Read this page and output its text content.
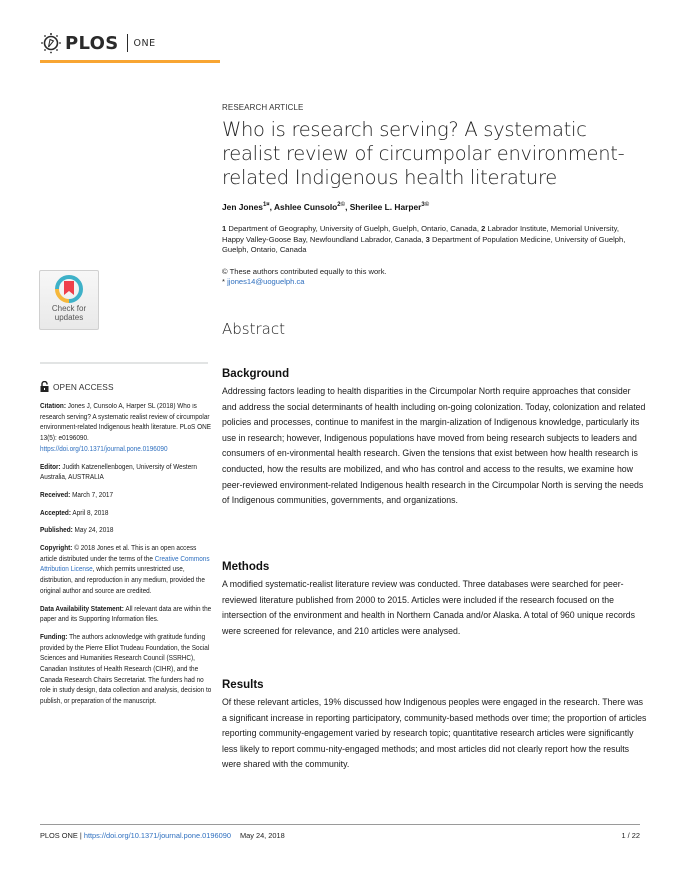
PLOS ONE
RESEARCH ARTICLE
Who is research serving? A systematic realist review of circumpolar environment-related Indigenous health literature
Jen Jones$^{1¤}$, Ashlee Cunsolo$^{2©}$, Sherilee L. Harper$^{3©}$
1 Department of Geography, University of Guelph, Guelph, Ontario, Canada, 2 Labrador Institute, Memorial University, Happy Valley-Goose Bay, Newfoundland Labrador, Canada, 3 Department of Population Medicine, University of Guelph, Guelph, Ontario, Canada
© These authors contributed equally to this work.
* jjones14@uoguelph.ca
Abstract
Background

Addressing factors leading to health disparities in the Circumpolar North require approaches that consider and address the social determinants of health including on-going colonization. Today, colonization and related policies and processes, continue to manifest in the margin-alization of Indigenous knowledge, particularly its use in research; however, Indigenous populations have moved from being research subjects to leaders and consumers of en-vironmental health research. Given the tensions that exist between how health research is conducted, how the results are mobilized, and who has control and access to the results, we examine how peer-reviewed environment-related Indigenous health research in the Circumpolar North is serving the needs of Indigenous communities, governments, and organizations.

Methods

A modified systematic-realist literature review was conducted. Three databases were searched for peer-reviewed literature published from 2000 to 2015. Articles were included if the research focused on the intersection of the environment and health in Northern Canada and/or Alaska. A total of 960 unique records were screened for relevance, and 210 articles were analysed.

Results

Of these relevant articles, 19% discussed how Indigenous peoples were engaged in the research. There was a significant increase in reporting participatory, community-based methods over time; the proportion of articles reporting community-engagement varied by research topic; quantitative research articles were significantly less likely to report commu-nity-engaged methods; and most articles did not clearly report how the results were shared with the community.

Check for
updates
OPEN ACCESS

Citation: Jones J, Cunsolo A, Harper SL (2018) Who is research serving? A systematic realist review of circumpolar environment-related Indigenous health literature. PLoS ONE 13(5): e0196090. https://doi.org/10.1371/journal.pone.0196090

Editor: Judith Katzenellenbogen, University of Western Australia, AUSTRALIA

Received: March 7, 2017

Accepted: April 8, 2018

Published: May 24, 2018

Copyright: © 2018 Jones et al. This is an open access article distributed under the terms of the Creative Commons Attribution License, which permits unrestricted use, distribution, and reproduction in any medium, provided the original author and source are credited.

Data Availability Statement: All relevant data are within the paper and its Supporting Information files.

Funding: The authors acknowledge with gratitude funding provided by the Pierre Elliot Trudeau Foundation, the Social Sciences and Humanities Research Council (SSRHC), Canadian Institutes of Health Research (CIHR), and the Canada Research Chairs Secretariat. The funders had no role in study design, data collection and analysis, decision to publish, or preparation of the manuscript.

PLOS ONE |
https://doi.org/10.1371/journal.pone.0196090 May 24, 2018	1 / 22
